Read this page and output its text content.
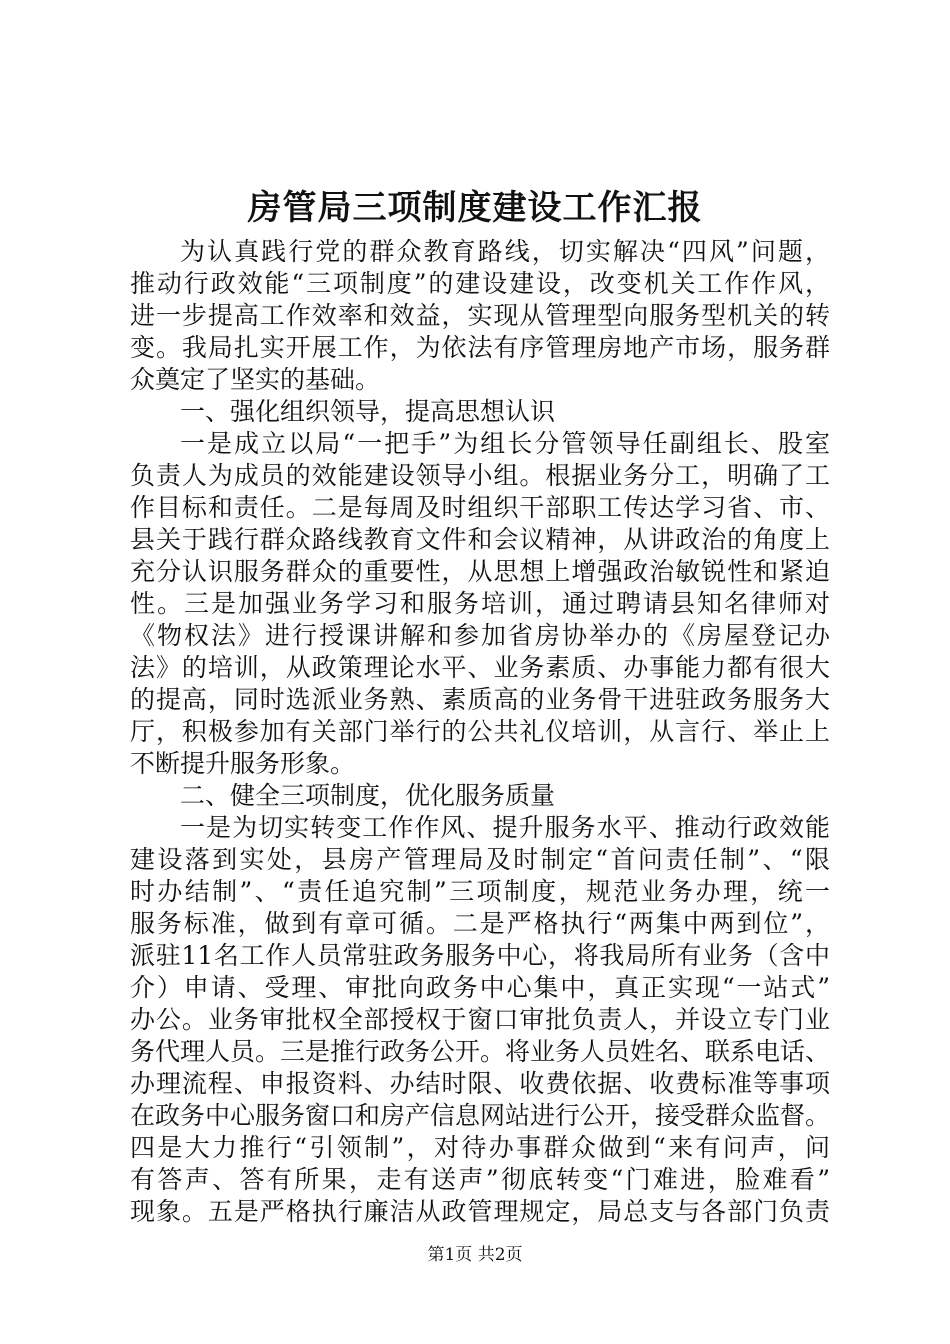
房管局三项制度建设工作汇报
为认真践行党的群众教育路线，切实解决“四风”问题，
推动行政效能“三项制度”的建设建设，改变机关工作作风，
进一步提高工作效率和效益，实现从管理型向服务型机关的转
变。我局扎实开展工作，为依法有序管理房地产市场，服务群
众奠定了坚实的基础。
一、强化组织领导，提高思想认识
一是成立以局“一把手”为组长分管领导任副组长、股室
负责人为成员的效能建设领导小组。根据业务分工，明确了工
作目标和责任。二是每周及时组织干部职工传达学习省、市、
县关于践行群众路线教育文件和会议精神，从讲政治的角度上
充分认识服务群众的重要性，从思想上增强政治敏锐性和紧迫
性。三是加强业务学习和服务培训，通过聘请县知名律师对
《物权法》进行授课讲解和参加省房协举办的《房屋登记办
法》的培训，从政策理论水平、业务素质、办事能力都有很大
的提高，同时选派业务熟、素质高的业务骨干进驻政务服务大
厅，积极参加有关部门举行的公共礼仪培训，从言行、举止上
不断提升服务形象。
二、健全三项制度，优化服务质量
一是为切实转变工作作风、提升服务水平、推动行政效能
建设落到实处，县房产管理局及时制定“首问责任制”、“限
时办结制”、“责任追究制”三项制度，规范业务办理，统一
服务标准，做到有章可循。二是严格执行“两集中两到位”，
派驻11名工作人员常驻政务服务中心，将我局所有业务（含中
介）申请、受理、审批向政务中心集中，真正实现“一站式”
办公。业务审批权全部授权于窗口审批负责人，并设立专门业
务代理人员。三是推行政务公开。将业务人员姓名、联系电话、
办理流程、申报资料、办结时限、收费依据、收费标准等事项
在政务中心服务窗口和房产信息网站进行公开，接受群众监督。
四是大力推行“引领制”，对待办事群众做到“来有问声，问
有答声、答有所果，走有送声”彻底转变“门难进，脸难看”
现象。五是严格执行廉洁从政管理规定，局总支与各部门负责
第1页 共2页
